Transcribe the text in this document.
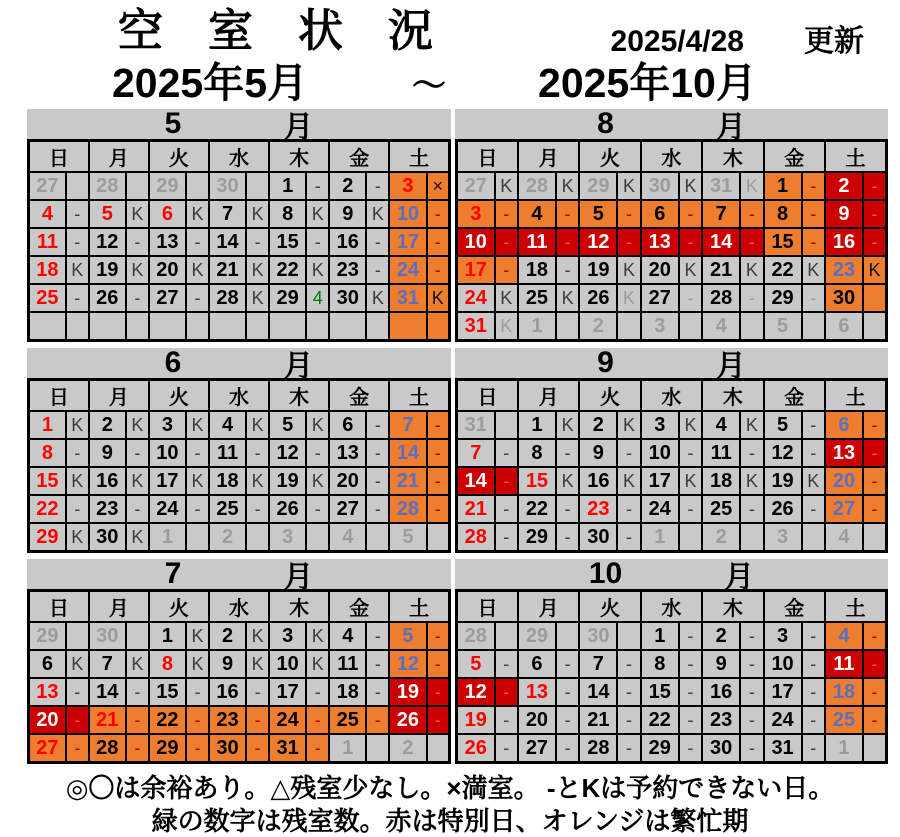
空　室　状　況	2025/4/28　　更新
2025年5月	～ 2025年10月
5	月
日		月		火		水		木		金		土	
27		28		29		30		1	-	2	-	3	×
4	-	5	K	6	K	7	K	8	K	9	K	10	-
11	-	12	-	13	-	14	-	15	-	16	-	17	-
18	K	19	K	20	K	21	K	22	K	23	-	24	-
25	-	26	-	27	-	28	K	29	4	30	K	31	K

8	月
日		月		火		水		木		金		土	
27	K	28	K	29	K	30	K	31	K	1	-	2	-
3	-	4	-	5	-	6	-	7	-	8	-	9	-
10	-	11	-	12	-	13	-	14	-	15	-	16	-
17	-	18	-	19	K	20	K	21	K	22	K	23	K
24	K	25	K	26	K	27	-	28	-	29	-	30	-
31	K	1		2		3		4		5		6	
6	月
日		月		火		水		木		金		土	
1	K	2	K	3	K	4	K	5	K	6	-	7	-
8	-	9	-	10	-	11	-	12	-	13	-	14	-
15	K	16	K	17	K	18	K	19	K	20	-	21	-
22	-	23	-	24	-	25	-	26	-	27	-	28	-
29	K	30	K	1		2		3		4		5	
9	月
日		月		火		水		木		金		土	
31		1	K	2	K	3	K	4	K	5	-	6	-
7	-	8	-	9	-	10	-	11	-	12	-	13	-
14	-	15	K	16	K	17	K	18	K	19	K	20	-
21	-	22	-	23	-	24	-	25	-	26	-	27	-
28	-	29	-	30	-	1		2		3		4	
7	月
日		月		火		水		木		金		土	
29		30		1	K	2	K	3	K	4	-	5	-
6	K	7	K	8	K	9	K	10	K	11	-	12	-
13	-	14	-	15	-	16	-	17	-	18	-	19	-
20	-	21	-	22	-	23	-	24	-	25	-	26	-
27	-	28	-	29	-	30	-	31	-	1		2	
10	月
日		月		火		水		木		金		土	
28		29		30		1	-	2	-	3	-	4	-
5	-	6	-	7	-	8	-	9	-	10	-	11	-
12	-	13	-	14	-	15	-	16	-	17	-	18	-
19	-	20	-	21	-	22	-	23	-	24	-	25	-
26	-	27	-	28	-	29	-	30	-	31	-	1	
◎〇は余裕あり。△残室少なし。×満室。 -とKは予約できない日。
緑の数字は残室数。赤は特別日、オレンジは繁忙期
